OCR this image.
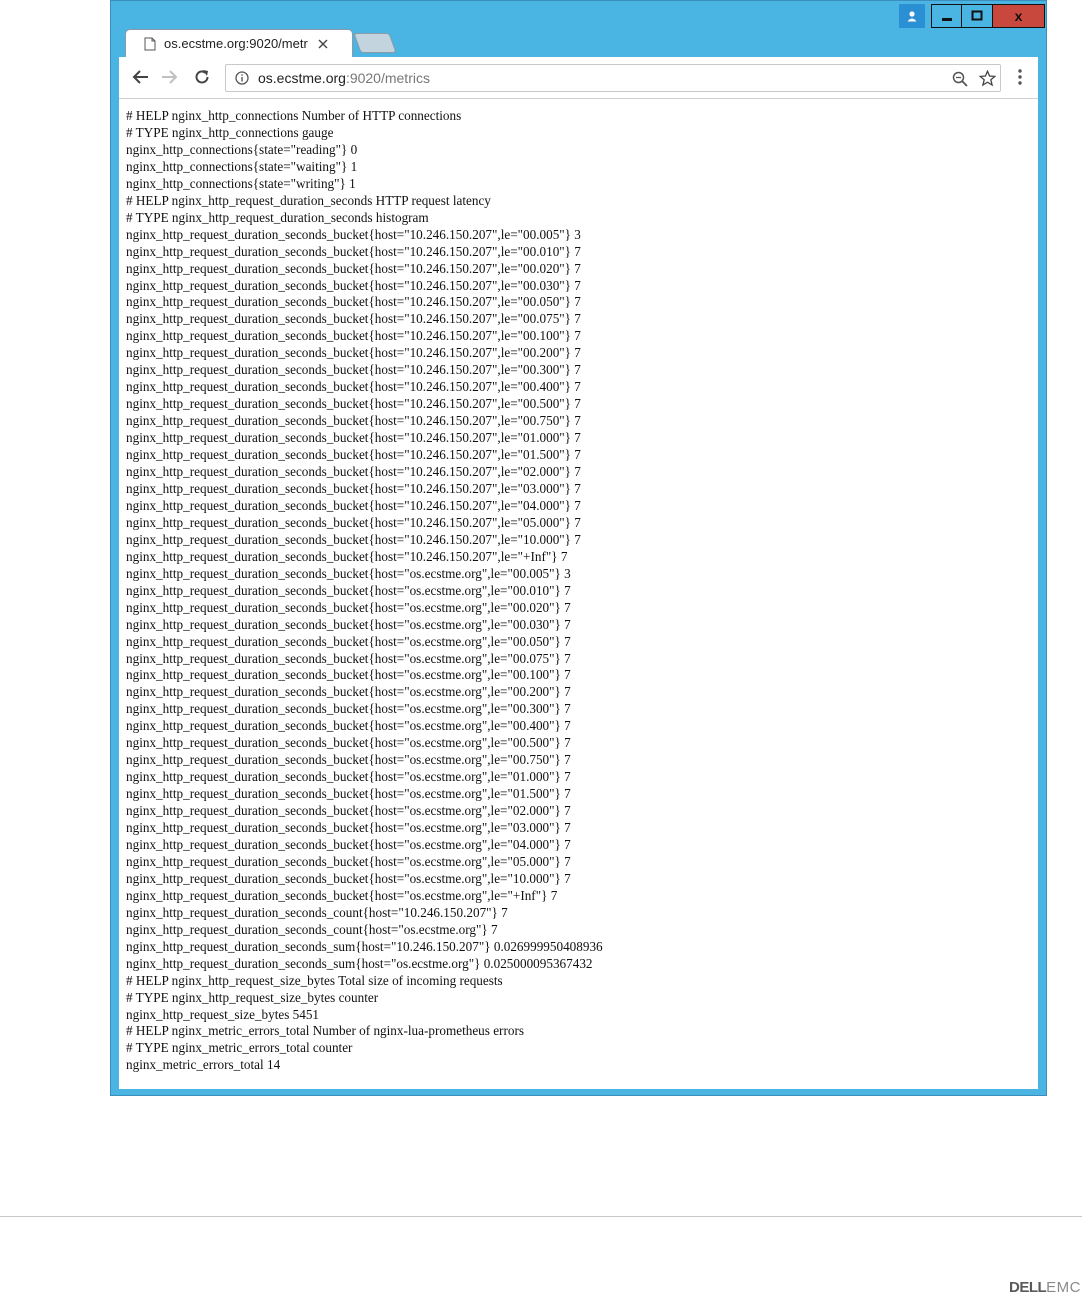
x
os.ecstme.org:9020/metr
os.ecstme.org:9020/metrics
# HELP nginx_http_connections Number of HTTP connections
# TYPE nginx_http_connections gauge
nginx_http_connections{state="reading"} 0
nginx_http_connections{state="waiting"} 1
nginx_http_connections{state="writing"} 1
# HELP nginx_http_request_duration_seconds HTTP request latency
# TYPE nginx_http_request_duration_seconds histogram
nginx_http_request_duration_seconds_bucket{host="10.246.150.207",le="00.005"} 3
nginx_http_request_duration_seconds_bucket{host="10.246.150.207",le="00.010"} 7
nginx_http_request_duration_seconds_bucket{host="10.246.150.207",le="00.020"} 7
nginx_http_request_duration_seconds_bucket{host="10.246.150.207",le="00.030"} 7
nginx_http_request_duration_seconds_bucket{host="10.246.150.207",le="00.050"} 7
nginx_http_request_duration_seconds_bucket{host="10.246.150.207",le="00.075"} 7
nginx_http_request_duration_seconds_bucket{host="10.246.150.207",le="00.100"} 7
nginx_http_request_duration_seconds_bucket{host="10.246.150.207",le="00.200"} 7
nginx_http_request_duration_seconds_bucket{host="10.246.150.207",le="00.300"} 7
nginx_http_request_duration_seconds_bucket{host="10.246.150.207",le="00.400"} 7
nginx_http_request_duration_seconds_bucket{host="10.246.150.207",le="00.500"} 7
nginx_http_request_duration_seconds_bucket{host="10.246.150.207",le="00.750"} 7
nginx_http_request_duration_seconds_bucket{host="10.246.150.207",le="01.000"} 7
nginx_http_request_duration_seconds_bucket{host="10.246.150.207",le="01.500"} 7
nginx_http_request_duration_seconds_bucket{host="10.246.150.207",le="02.000"} 7
nginx_http_request_duration_seconds_bucket{host="10.246.150.207",le="03.000"} 7
nginx_http_request_duration_seconds_bucket{host="10.246.150.207",le="04.000"} 7
nginx_http_request_duration_seconds_bucket{host="10.246.150.207",le="05.000"} 7
nginx_http_request_duration_seconds_bucket{host="10.246.150.207",le="10.000"} 7
nginx_http_request_duration_seconds_bucket{host="10.246.150.207",le="+Inf"} 7
nginx_http_request_duration_seconds_bucket{host="os.ecstme.org",le="00.005"} 3
nginx_http_request_duration_seconds_bucket{host="os.ecstme.org",le="00.010"} 7
nginx_http_request_duration_seconds_bucket{host="os.ecstme.org",le="00.020"} 7
nginx_http_request_duration_seconds_bucket{host="os.ecstme.org",le="00.030"} 7
nginx_http_request_duration_seconds_bucket{host="os.ecstme.org",le="00.050"} 7
nginx_http_request_duration_seconds_bucket{host="os.ecstme.org",le="00.075"} 7
nginx_http_request_duration_seconds_bucket{host="os.ecstme.org",le="00.100"} 7
nginx_http_request_duration_seconds_bucket{host="os.ecstme.org",le="00.200"} 7
nginx_http_request_duration_seconds_bucket{host="os.ecstme.org",le="00.300"} 7
nginx_http_request_duration_seconds_bucket{host="os.ecstme.org",le="00.400"} 7
nginx_http_request_duration_seconds_bucket{host="os.ecstme.org",le="00.500"} 7
nginx_http_request_duration_seconds_bucket{host="os.ecstme.org",le="00.750"} 7
nginx_http_request_duration_seconds_bucket{host="os.ecstme.org",le="01.000"} 7
nginx_http_request_duration_seconds_bucket{host="os.ecstme.org",le="01.500"} 7
nginx_http_request_duration_seconds_bucket{host="os.ecstme.org",le="02.000"} 7
nginx_http_request_duration_seconds_bucket{host="os.ecstme.org",le="03.000"} 7
nginx_http_request_duration_seconds_bucket{host="os.ecstme.org",le="04.000"} 7
nginx_http_request_duration_seconds_bucket{host="os.ecstme.org",le="05.000"} 7
nginx_http_request_duration_seconds_bucket{host="os.ecstme.org",le="10.000"} 7
nginx_http_request_duration_seconds_bucket{host="os.ecstme.org",le="+Inf"} 7
nginx_http_request_duration_seconds_count{host="10.246.150.207"} 7
nginx_http_request_duration_seconds_count{host="os.ecstme.org"} 7
nginx_http_request_duration_seconds_sum{host="10.246.150.207"} 0.026999950408936
nginx_http_request_duration_seconds_sum{host="os.ecstme.org"} 0.025000095367432
# HELP nginx_http_request_size_bytes Total size of incoming requests
# TYPE nginx_http_request_size_bytes counter
nginx_http_request_size_bytes 5451
# HELP nginx_metric_errors_total Number of nginx-lua-prometheus errors
# TYPE nginx_metric_errors_total counter
nginx_metric_errors_total 14
DELLEMC
